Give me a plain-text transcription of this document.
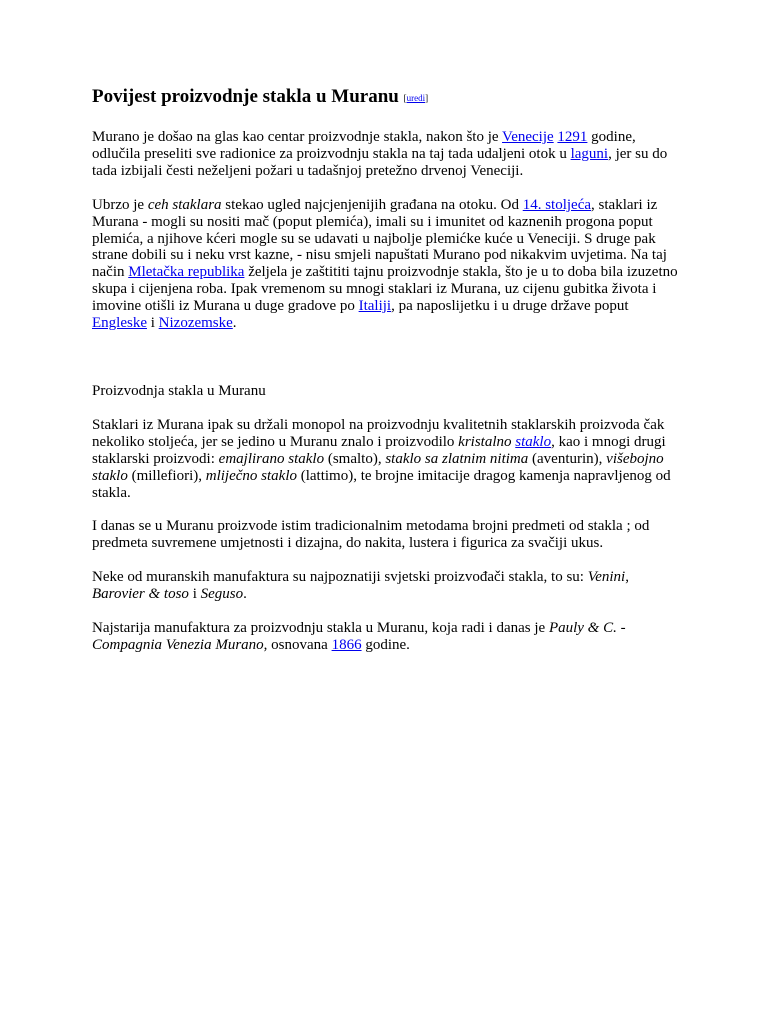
Povijest proizvodnje stakla u Muranu [uredi]

Murano je došao na glas kao centar proizvodnje stakla, nakon što je Venecije 1291 godine, odlučila preseliti sve radionice za proizvodnju stakla na taj tada udaljeni otok u laguni, jer su do tada izbijali česti neželjeni požari u tadašnjoj pretežno drvenoj Veneciji.

Ubrzo je ceh staklara stekao ugled najcjenjenijih građana na otoku. Od 14. stoljeća, staklari iz Murana - mogli su nositi mač (poput plemića), imali su i imunitet od kaznenih progona poput plemića, a njihove kćeri mogle su se udavati u najbolje plemićke kuće u Veneciji. S druge pak strane dobili su i neku vrst kazne, - nisu smjeli napuštati Murano pod nikakvim uvjetima. Na taj način Mletačka republika željela je zaštititi tajnu proizvodnje stakla, što je u to doba bila izuzetno skupa i cijenjena roba. Ipak vremenom su mnogi staklari iz Murana, uz cijenu gubitka života i imovine otišli iz Murana u duge gradove po Italiji, pa naposlijetku i u druge države poput Engleske i Nizozemske.

Proizvodnja stakla u Muranu

Staklari iz Murana ipak su držali monopol na proizvodnju kvalitetnih staklarskih proizvoda čak nekoliko stoljeća, jer se jedino u Muranu znalo i proizvodilo kristalno staklo, kao i mnogi drugi staklarski proizvodi: emajlirano staklo (smalto), staklo sa zlatnim nitima (aventurin), višebojno staklo (millefiori), mliječno staklo (lattimo), te brojne imitacije dragog kamenja napravljenog od stakla.

I danas se u Muranu proizvode istim tradicionalnim metodama brojni predmeti od stakla ; od predmeta suvremene umjetnosti i dizajna, do nakita, lustera i figurica za svačiji ukus.

Neke od muranskih manufaktura su najpoznatiji svjetski proizvođači stakla, to su: Venini, Barovier & toso i Seguso.

Najstarija manufaktura za proizvodnju stakla u Muranu, koja radi i danas je Pauly & C. - Compagnia Venezia Murano, osnovana 1866 godine.
